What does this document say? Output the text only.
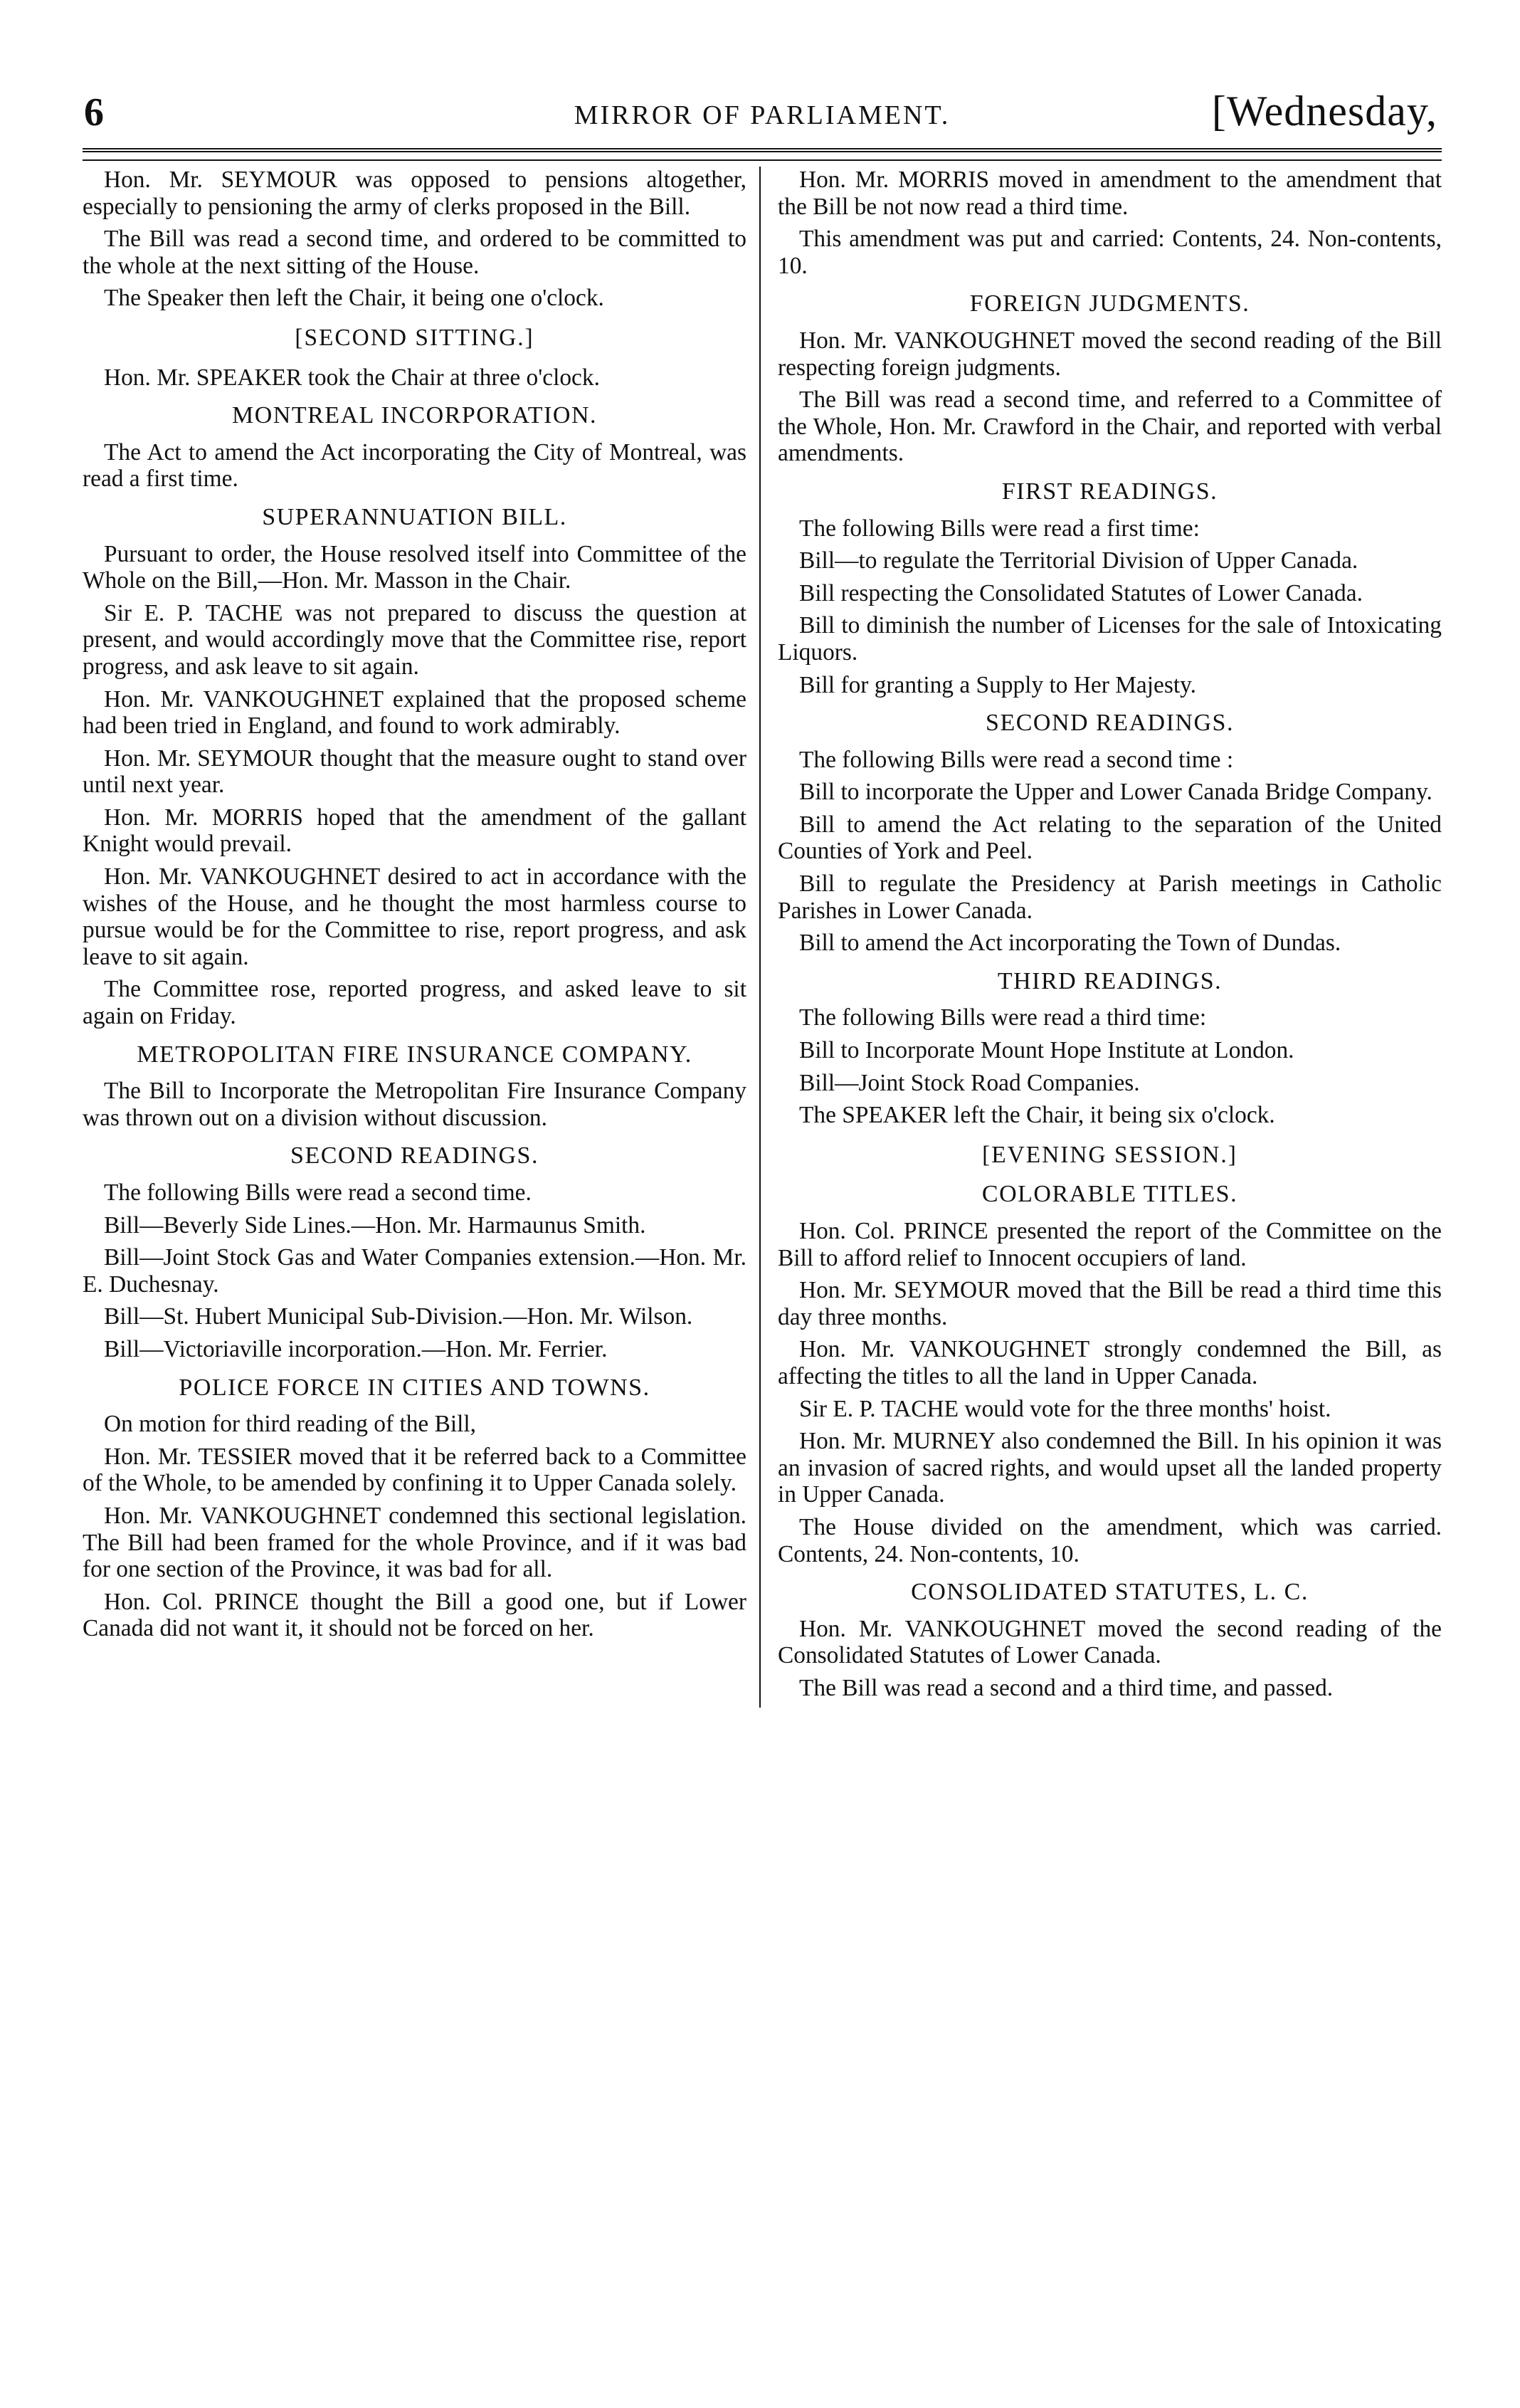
6	MIRROR OF PARLIAMENT.	[Wednesday,

Hon. Mr. SEYMOUR was opposed to pensions altogether, especially to pensioning the army of clerks proposed in the Bill.

The Bill was read a second time, and ordered to be committed to the whole at the next sitting of the House.

The Speaker then left the Chair, it being one o'clock.

[SECOND SITTING.]

Hon. Mr. SPEAKER took the Chair at three o'clock.

MONTREAL INCORPORATION.

The Act to amend the Act incorporating the City of Montreal, was read a first time.

SUPERANNUATION BILL.

Pursuant to order, the House resolved itself into Committee of the Whole on the Bill,—Hon. Mr. Masson in the Chair.

Sir E. P. TACHE was not prepared to discuss the question at present, and would accordingly move that the Committee rise, report progress, and ask leave to sit again.

Hon. Mr. VANKOUGHNET explained that the proposed scheme had been tried in England, and found to work admirably.

Hon. Mr. SEYMOUR thought that the measure ought to stand over until next year.

Hon. Mr. MORRIS hoped that the amendment of the gallant Knight would prevail.

Hon. Mr. VANKOUGHNET desired to act in accordance with the wishes of the House, and he thought the most harmless course to pursue would be for the Committee to rise, report progress, and ask leave to sit again.

The Committee rose, reported progress, and asked leave to sit again on Friday.

METROPOLITAN FIRE INSURANCE COMPANY.

The Bill to Incorporate the Metropolitan Fire Insurance Company was thrown out on a division without discussion.

SECOND READINGS.

The following Bills were read a second time.

Bill—Beverly Side Lines.—Hon. Mr. Harmaunus Smith.

Bill—Joint Stock Gas and Water Companies extension.—Hon. Mr. E. Duchesnay.

Bill—St. Hubert Municipal Sub-Division.—Hon. Mr. Wilson.

Bill—Victoriaville incorporation.—Hon. Mr. Ferrier.

POLICE FORCE IN CITIES AND TOWNS.

On motion for third reading of the Bill,

Hon. Mr. TESSIER moved that it be referred back to a Committee of the Whole, to be amended by confining it to Upper Canada solely.

Hon. Mr. VANKOUGHNET condemned this sectional legislation. The Bill had been framed for the whole Province, and if it was bad for one section of the Province, it was bad for all.

Hon. Col. PRINCE thought the Bill a good one, but if Lower Canada did not want it, it should not be forced on her.

Hon. Mr. MORRIS moved in amendment to the amendment that the Bill be not now read a third time.

This amendment was put and carried: Contents, 24. Non-contents, 10.

FOREIGN JUDGMENTS.

Hon. Mr. VANKOUGHNET moved the second reading of the Bill respecting foreign judgments.

The Bill was read a second time, and referred to a Committee of the Whole, Hon. Mr. Crawford in the Chair, and reported with verbal amendments.

FIRST READINGS.

The following Bills were read a first time:

Bill—to regulate the Territorial Division of Upper Canada.

Bill respecting the Consolidated Statutes of Lower Canada.

Bill to diminish the number of Licenses for the sale of Intoxicating Liquors.

Bill for granting a Supply to Her Majesty.

SECOND READINGS.

The following Bills were read a second time :

Bill to incorporate the Upper and Lower Canada Bridge Company.

Bill to amend the Act relating to the separation of the United Counties of York and Peel.

Bill to regulate the Presidency at Parish meetings in Catholic Parishes in Lower Canada.

Bill to amend the Act incorporating the Town of Dundas.

THIRD READINGS.

The following Bills were read a third time:

Bill to Incorporate Mount Hope Institute at London.

Bill—Joint Stock Road Companies.

The SPEAKER left the Chair, it being six o'clock.

[EVENING SESSION.]

COLORABLE TITLES.

Hon. Col. PRINCE presented the report of the Committee on the Bill to afford relief to Innocent occupiers of land.

Hon. Mr. SEYMOUR moved that the Bill be read a third time this day three months.

Hon. Mr. VANKOUGHNET strongly condemned the Bill, as affecting the titles to all the land in Upper Canada.

Sir E. P. TACHE would vote for the three months' hoist.

Hon. Mr. MURNEY also condemned the Bill. In his opinion it was an invasion of sacred rights, and would upset all the landed property in Upper Canada.

The House divided on the amendment, which was carried. Contents, 24. Non-contents, 10.

CONSOLIDATED STATUTES, L. C.

Hon. Mr. VANKOUGHNET moved the second reading of the Consolidated Statutes of Lower Canada.

The Bill was read a second and a third time, and passed.
